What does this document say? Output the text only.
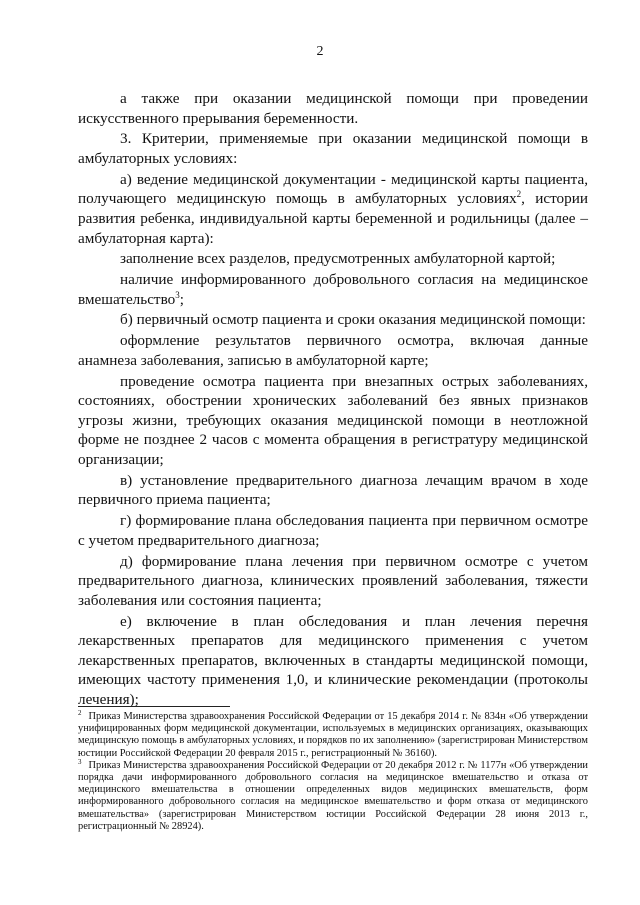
2

а также при оказании медицинской помощи при проведении искусственного прерывания беременности.

3. Критерии, применяемые при оказании медицинской помощи в амбулаторных условиях:

а) ведение медицинской документации - медицинской карты пациента, получающего медицинскую помощь в амбулаторных условиях$^2$, истории развития ребенка, индивидуальной карты беременной и родильницы (далее – амбулаторная карта):

заполнение всех разделов, предусмотренных амбулаторной картой;

наличие информированного добровольного согласия на медицинское вмешательство$^3$;

б) первичный осмотр пациента и сроки оказания медицинской помощи:

оформление результатов первичного осмотра, включая данные анамнеза заболевания, записью в амбулаторной карте;

проведение осмотра пациента при внезапных острых заболеваниях, состояниях, обострении хронических заболеваний без явных признаков угрозы жизни, требующих оказания медицинской помощи в неотложной форме не позднее 2 часов с момента обращения в регистратуру медицинской организации;

в) установление предварительного диагноза лечащим врачом в ходе первичного приема пациента;

г) формирование плана обследования пациента при первичном осмотре с учетом предварительного диагноза;

д) формирование плана лечения при первичном осмотре с учетом предварительного диагноза, клинических проявлений заболевания, тяжести заболевания или состояния пациента;

е) включение в план обследования и план лечения перечня лекарственных препаратов для медицинского применения с учетом лекарственных препаратов, включенных в стандарты медицинской помощи, имеющих частоту применения 1,0, и клинические рекомендации (протоколы лечения);

$^2$ Приказ Министерства здравоохранения Российской Федерации от 15 декабря 2014 г. № 834н «Об утверждении унифицированных форм медицинской документации, используемых в медицинских организациях, оказывающих медицинскую помощь в амбулаторных условиях, и порядков по их заполнению» (зарегистрирован Министерством юстиции Российской Федерации 20 февраля 2015 г., регистрационный № 36160).

$^3$ Приказ Министерства здравоохранения Российской Федерации от 20 декабря 2012 г. № 1177н «Об утверждении порядка дачи информированного добровольного согласия на медицинское вмешательство и отказа от медицинского вмешательства в отношении определенных видов медицинских вмешательств, форм информированного добровольного согласия на медицинское вмешательство и форм отказа от медицинского вмешательства» (зарегистрирован Министерством юстиции Российской Федерации 28 июня 2013 г., регистрационный № 28924).
